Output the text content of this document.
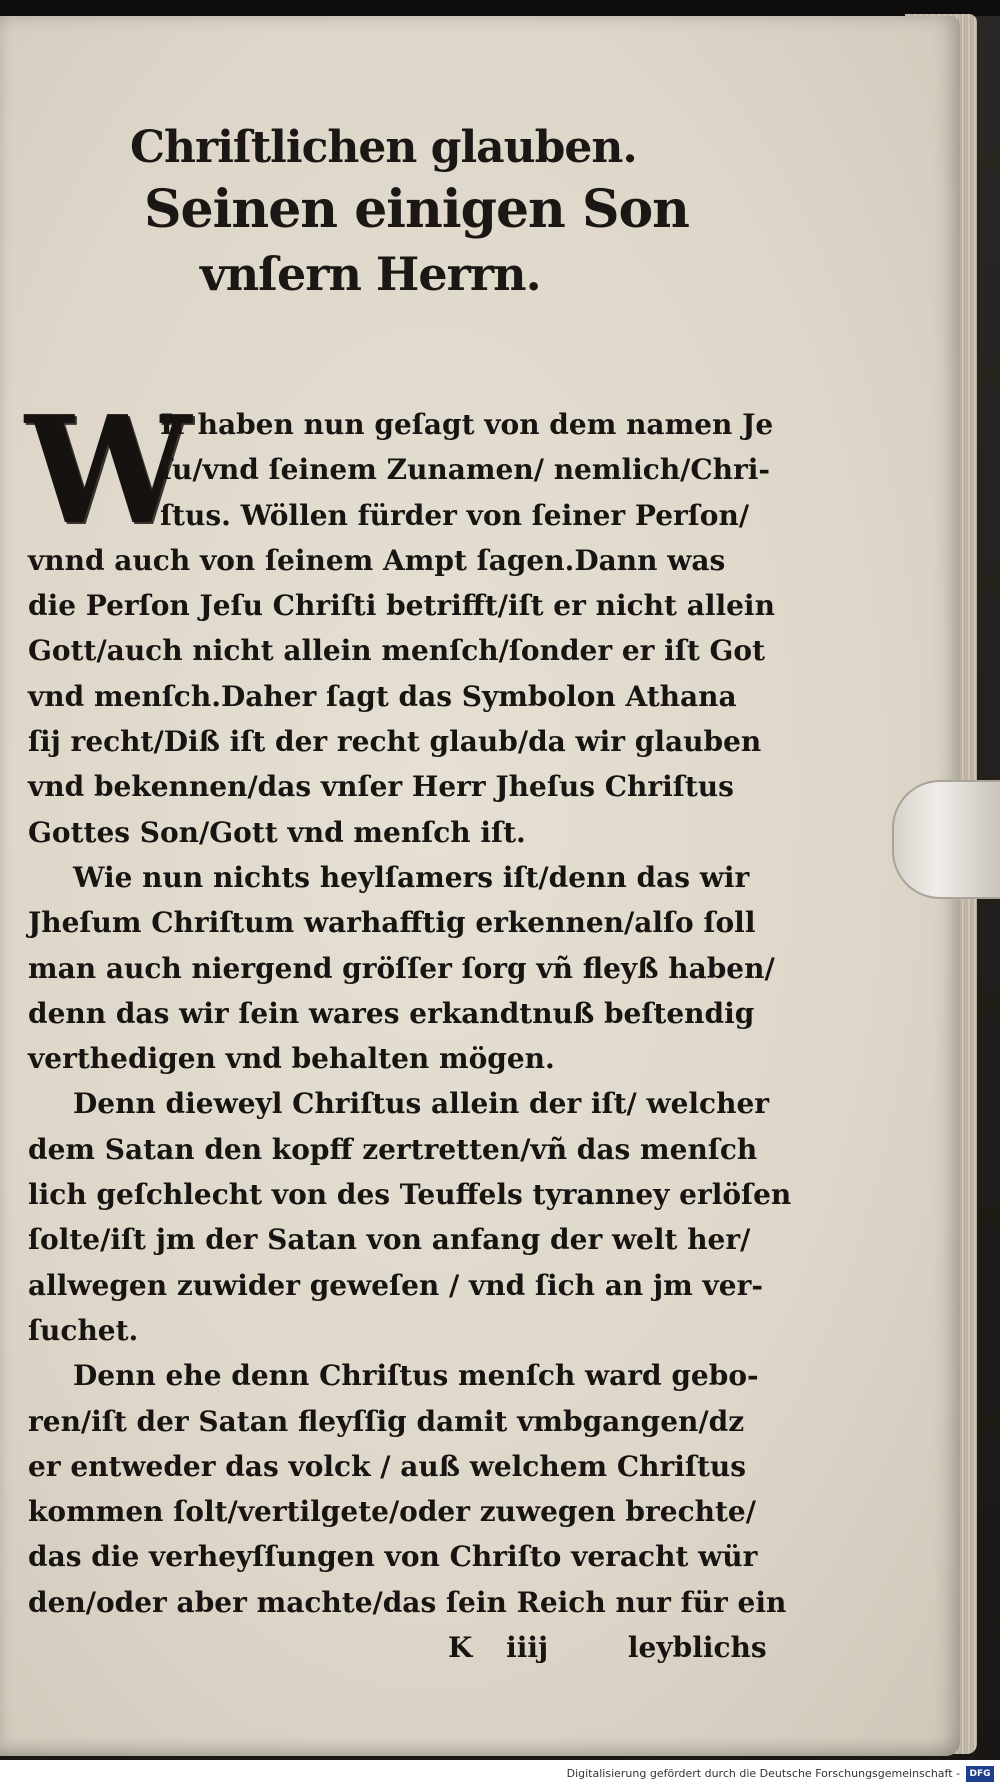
Chriſtlichen glauben.
Seinen einigen Son
vnſern Herrn.
W
Ir haben nun geſagt von dem namen Je
ſu/vnd ſeinem Zunamen/ nemlich/Chri-
ſtus. Wöllen fürder von ſeiner Perſon/
vnnd auch von ſeinem Ampt ſagen.Dann was
die Perſon Jeſu Chriſti betrifft/iſt er nicht allein
Gott/auch nicht allein menſch/ſonder er iſt Got
vnd menſch.Daher ſagt das Symbolon Athana
ſij recht/Diß iſt der recht glaub/da wir glauben
vnd bekennen/das vnſer Herr Jheſus Chriſtus
Gottes Son/Gott vnd menſch iſt.
Wie nun nichts heylſamers iſt/denn das wir
Jheſum Chriſtum warhafftig erkennen/alſo ſoll
man auch niergend gröſſer ſorg vñ fleyß haben/
denn das wir ſein wares erkandtnuß beſtendig
verthedigen vnd behalten mögen.
Denn dieweyl Chriſtus allein der iſt/ welcher
dem Satan den kopff zertretten/vñ das menſch
lich geſchlecht von des Teuffels tyranney erlöſen
ſolte/iſt jm der Satan von anfang der welt her/
allwegen zuwider geweſen / vnd ſich an jm ver-
ſuchet.
Denn ehe denn Chriſtus menſch ward gebo-
ren/iſt der Satan fleyſſig damit vmbgangen/dz
er entweder das volck / auß welchem Chriſtus
kommen ſolt/vertilgete/oder zuwegen brechte/
das die verheyſſungen von Chriſto veracht wür
den/oder aber machte/das ſein Reich nur für ein
K iiij	leyblichs
Digitalisierung gefördert durch die Deutsche Forschungsgemeinschaft -	DFG
